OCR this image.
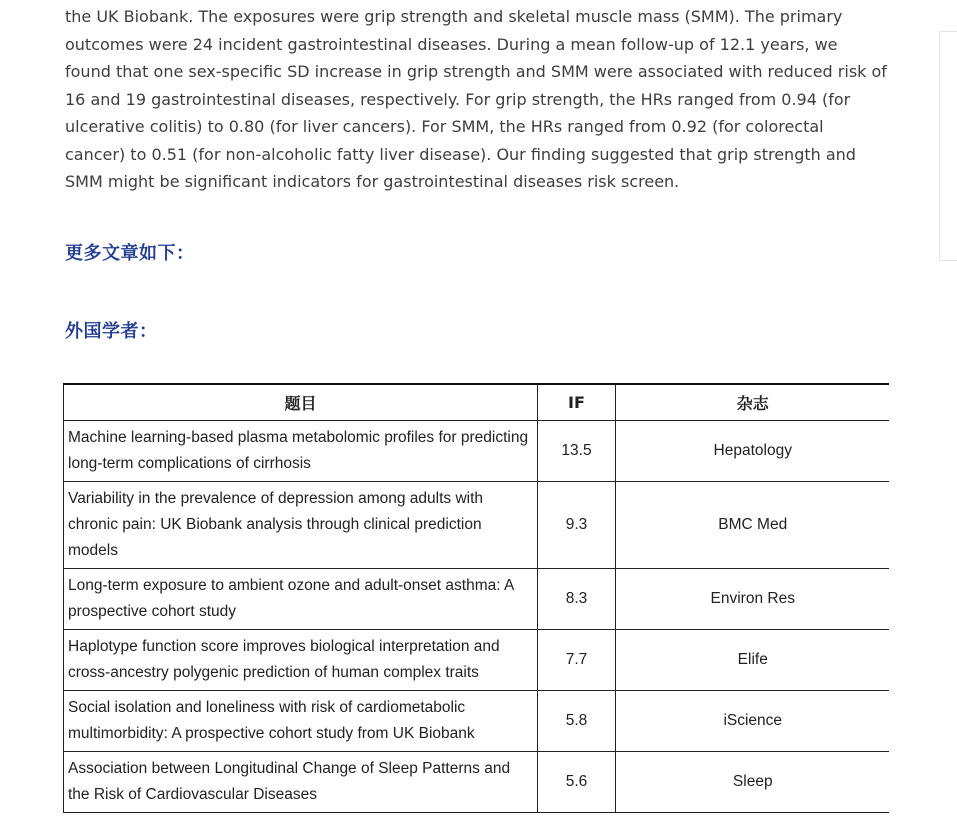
the UK Biobank. The exposures were grip strength and skeletal muscle mass (SMM). The primary outcomes were 24 incident gastrointestinal diseases. During a mean follow-up of 12.1 years, we found that one sex-specific SD increase in grip strength and SMM were associated with reduced risk of 16 and 19 gastrointestinal diseases, respectively. For grip strength, the HRs ranged from 0.94 (for ulcerative colitis) to 0.80 (for liver cancers). For SMM, the HRs ranged from 0.92 (for colorectal cancer) to 0.51 (for non-alcoholic fatty liver disease). Our finding suggested that grip strength and SMM might be significant indicators for gastrointestinal diseases risk screen.

更多文章如下：
外国学者：
题目	IF	杂志
Machine learning-based plasma metabolomic profiles for predicting long-term complications of cirrhosis	13.5	Hepatology
Variability in the prevalence of depression among adults with chronic pain: UK Biobank analysis through clinical prediction models	9.3	BMC Med
Long-term exposure to ambient ozone and adult-onset asthma: A prospective cohort study	8.3	Environ Res
Haplotype function score improves biological interpretation and cross-ancestry polygenic prediction of human complex traits	7.7	Elife
Social isolation and loneliness with risk of cardiometabolic multimorbidity: A prospective cohort study from UK Biobank	5.8	iScience
Association between Longitudinal Change of Sleep Patterns and the Risk of Cardiovascular Diseases	5.6	Sleep
